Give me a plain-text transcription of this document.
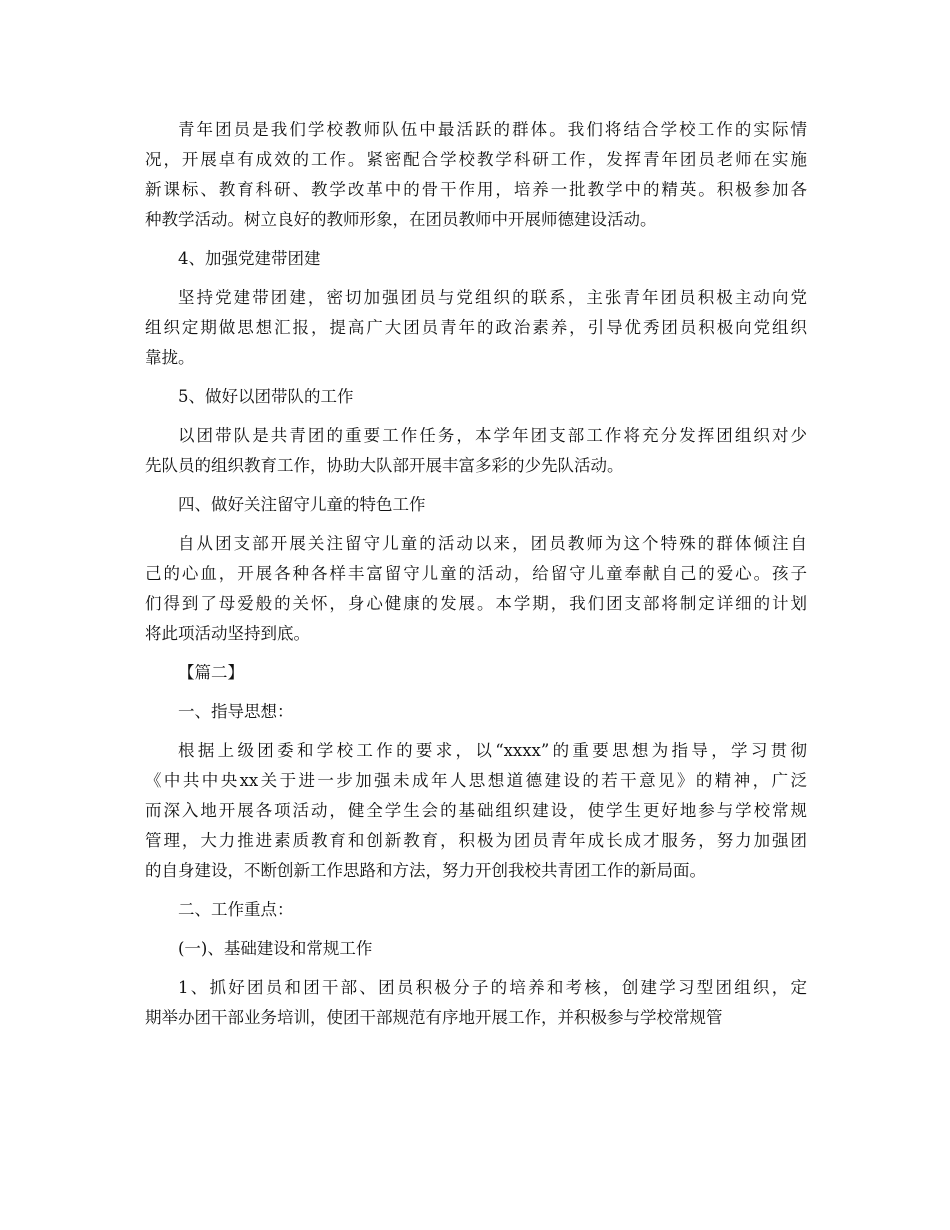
青年团员是我们学校教师队伍中最活跃的群体。我们将结合学校工作的实际情
况，开展卓有成效的工作。紧密配合学校教学科研工作，发挥青年团员老师在实施
新课标、教育科研、教学改革中的骨干作用，培养一批教学中的精英。积极参加各
种教学活动。树立良好的教师形象，在团员教师中开展师德建设活动。
4、加强党建带团建
坚持党建带团建，密切加强团员与党组织的联系，主张青年团员积极主动向党
组织定期做思想汇报，提高广大团员青年的政治素养，引导优秀团员积极向党组织
靠拢。
5、做好以团带队的工作
以团带队是共青团的重要工作任务，本学年团支部工作将充分发挥团组织对少
先队员的组织教育工作，协助大队部开展丰富多彩的少先队活动。
四、做好关注留守儿童的特色工作
自从团支部开展关注留守儿童的活动以来，团员教师为这个特殊的群体倾注自
己的心血，开展各种各样丰富留守儿童的活动，给留守儿童奉献自己的爱心。孩子
们得到了母爱般的关怀，身心健康的发展。本学期，我们团支部将制定详细的计划
将此项活动坚持到底。
【篇二】
一、指导思想：
根据上级团委和学校工作的要求，以“xxxx”的重要思想为指导，学习贯彻
《中共中央xx关于进一步加强未成年人思想道德建设的若干意见》的精神，广泛
而深入地开展各项活动，健全学生会的基础组织建设，使学生更好地参与学校常规
管理，大力推进素质教育和创新教育，积极为团员青年成长成才服务，努力加强团
的自身建设，不断创新工作思路和方法，努力开创我校共青团工作的新局面。
二、工作重点：
(一)、基础建设和常规工作
1、抓好团员和团干部、团员积极分子的培养和考核，创建学习型团组织，定
期举办团干部业务培训，使团干部规范有序地开展工作，并积极参与学校常规管
